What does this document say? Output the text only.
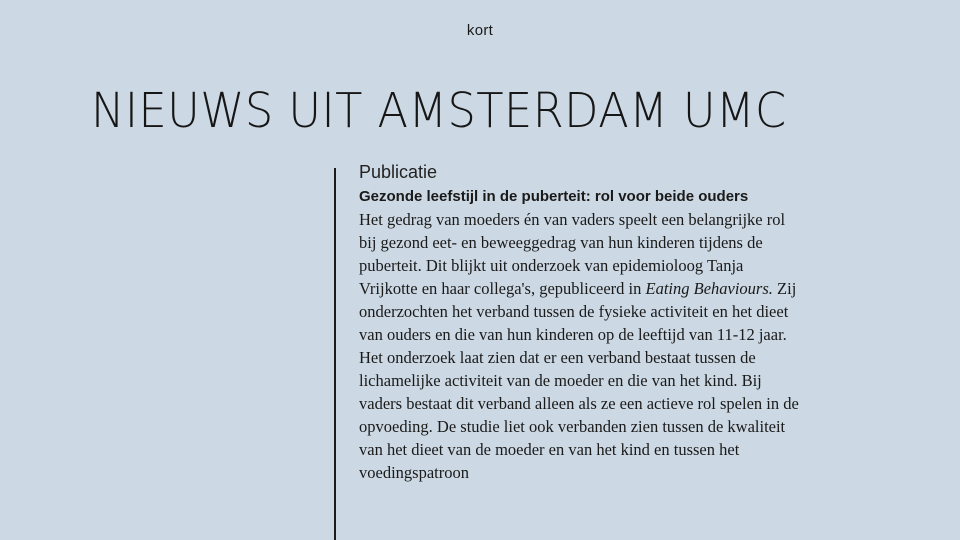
kort
NIEUWS UIT AMSTERDAM UMC
Publicatie
Gezonde leefstijl in de puberteit: rol voor beide ouders

Het gedrag van moeders én van vaders speelt een belangrijke rol bij gezond eet- en beweeggedrag van hun kinderen tijdens de puberteit. Dit blijkt uit onderzoek van epidemioloog Tanja Vrijkotte en haar collega's, gepubliceerd in Eating Behaviours. Zij onderzochten het verband tussen de fysieke activiteit en het dieet van ouders en die van hun kinderen op de leeftijd van 11-12 jaar.

Het onderzoek laat zien dat er een verband bestaat tussen de lichamelijke activiteit van de moeder en die van het kind. Bij vaders bestaat dit verband alleen als ze een actieve rol spelen in de opvoeding. De studie liet ook verbanden zien tussen de kwaliteit van het dieet van de moeder en van het kind en tussen het voedingspatroon
